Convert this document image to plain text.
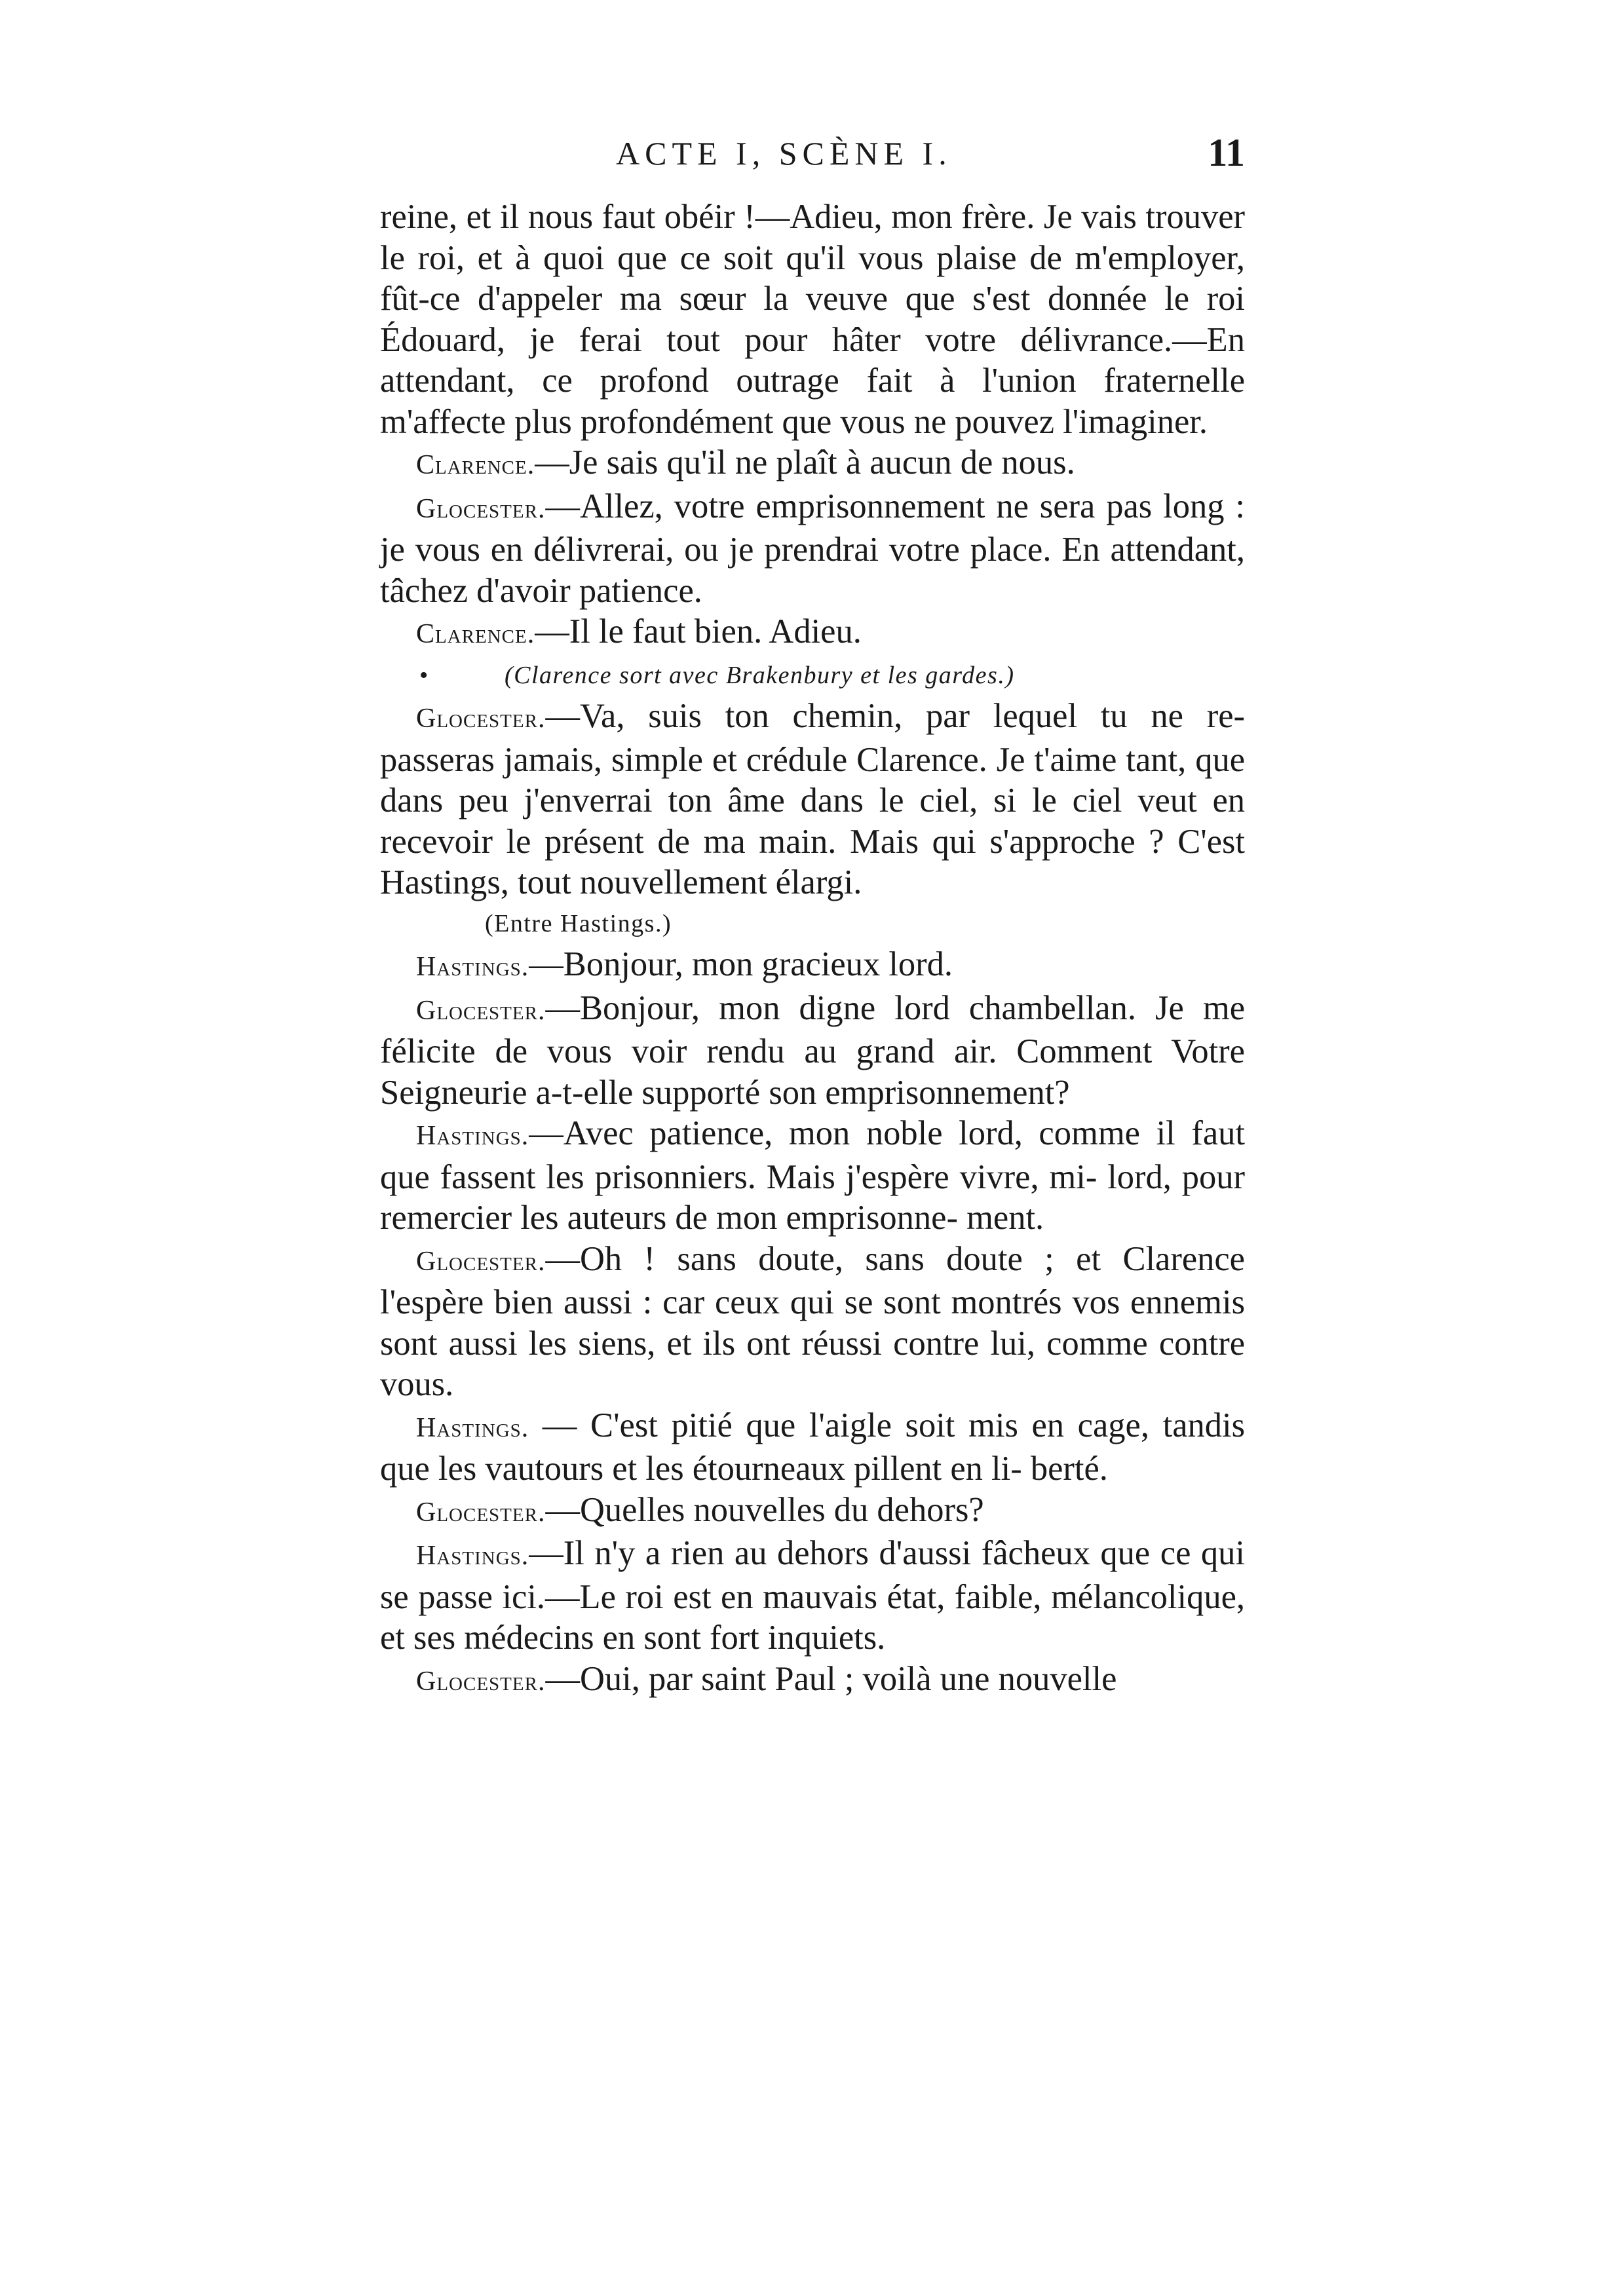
ACTE I, SCÈNE I.	11

reine, et il nous faut obéir !—Adieu, mon frère. Je vais trouver le roi, et à quoi que ce soit qu'il vous plaise de m'employer, fût-ce d'appeler ma sœur la veuve que s'est donnée le roi Édouard, je ferai tout pour hâter votre délivrance.—En attendant, ce profond outrage fait à l'union fraternelle m'affecte plus profondément que vous ne pouvez l'imaginer.

Clarence.—Je sais qu'il ne plaît à aucun de nous.

Glocester.—Allez, votre emprisonnement ne sera pas long : je vous en délivrerai, ou je prendrai votre place. En attendant, tâchez d'avoir patience.

Clarence.—Il le faut bien. Adieu.

•	(Clarence sort avec Brakenbury et les gardes.)

Glocester.—Va, suis ton chemin, par lequel tu ne re- passeras jamais, simple et crédule Clarence. Je t'aime tant, que dans peu j'enverrai ton âme dans le ciel, si le ciel veut en recevoir le présent de ma main. Mais qui s'approche ? C'est Hastings, tout nouvellement élargi.

(Entre Hastings.)

Hastings.—Bonjour, mon gracieux lord.

Glocester.—Bonjour, mon digne lord chambellan. Je me félicite de vous voir rendu au grand air. Comment Votre Seigneurie a-t-elle supporté son emprisonnement?

Hastings.—Avec patience, mon noble lord, comme il faut que fassent les prisonniers. Mais j'espère vivre, mi- lord, pour remercier les auteurs de mon emprisonne- ment.

Glocester.—Oh ! sans doute, sans doute ; et Clarence l'espère bien aussi : car ceux qui se sont montrés vos ennemis sont aussi les siens, et ils ont réussi contre lui, comme contre vous.

Hastings. — C'est pitié que l'aigle soit mis en cage, tandis que les vautours et les étourneaux pillent en li- berté.

Glocester.—Quelles nouvelles du dehors?

Hastings.—Il n'y a rien au dehors d'aussi fâcheux que ce qui se passe ici.—Le roi est en mauvais état, faible, mélancolique, et ses médecins en sont fort inquiets.

Glocester.—Oui, par saint Paul ; voilà une nouvelle
